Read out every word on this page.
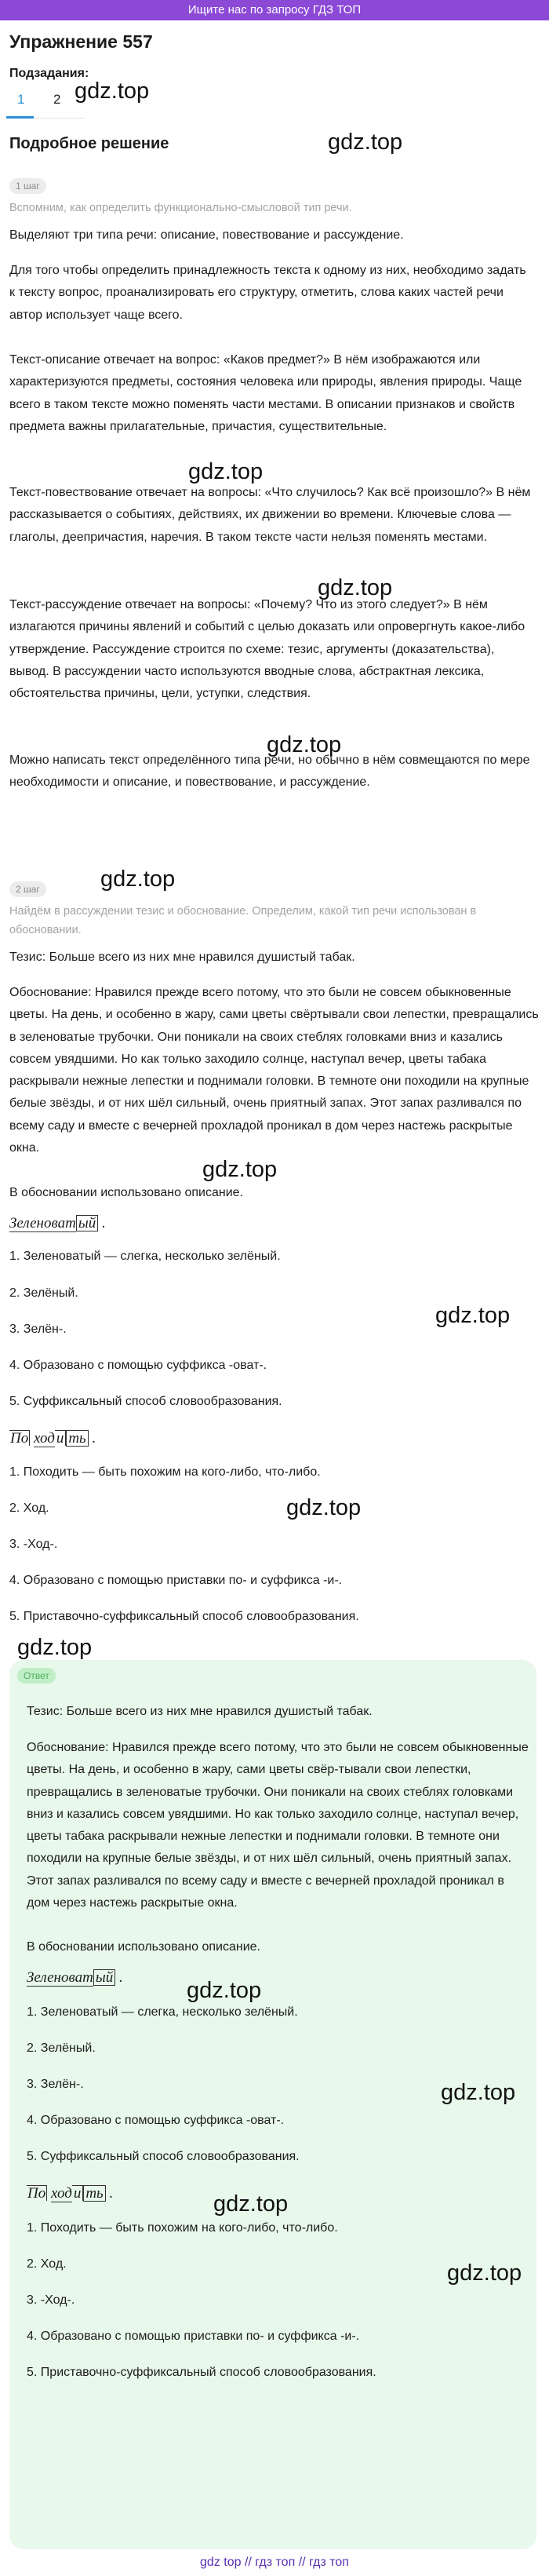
Ищите нас по запросу ГДЗ ТОП
Упражнение 557
Подзадания:
1 2
Подробное решение
1 шаг
Вспомним, как определить функционально-смысловой тип речи.
Выделяют три типа речи: описание, повествование и рассуждение.
Для того чтобы определить принадлежность текста к одному из них, необходимо задать к тексту вопрос, проанализировать его структуру, отметить, слова каких частей речи автор использует чаще всего.
Текст-описание отвечает на вопрос: «Каков предмет?» В нём изображаются или характеризуются предметы, состояния человека или природы, явления природы. Чаще всего в таком тексте можно поменять части местами. В описании признаков и свойств предмета важны прилагательные, причастия, существительные.
Текст-повествование отвечает на вопросы: «Что случилось? Как всё произошло?» В нём рассказывается о событиях, действиях, их движении во времени. Ключевые слова — глаголы, деепричастия, наречия. В таком тексте части нельзя поменять местами.
Текст-рассуждение отвечает на вопросы: «Почему? Что из этого следует?» В нём излагаются причины явлений и событий с целью доказать или опровергнуть какое-либо утверждение. Рассуждение строится по схеме: тезис, аргументы (доказательства), вывод. В рассуждении часто используются вводные слова, абстрактная лексика, обстоятельства причины, цели, уступки, следствия.
Можно написать текст определённого типа речи, но обычно в нём совмещаются по мере необходимости и описание, и повествование, и рассуждение.
2 шаг
Найдём в рассуждении тезис и обоснование. Определим, какой тип речи использован в обосновании.
Тезис: Больше всего из них мне нравился душистый табак.
Обоснование: Нравился прежде всего потому, что это были не совсем обыкновенные цветы. На день, и особенно в жару, сами цветы свёртывали свои лепестки, превращались в зеленоватые трубочки. Они поникали на своих стеблях головками вниз и казались совсем увядшими. Но как только заходило солнце, наступал вечер, цветы табака раскрывали нежные лепестки и поднимали головки. В темноте они походили на крупные белые звёзды, и от них шёл сильный, очень приятный запах. Этот запах разливался по всему саду и вместе с вечерней прохладой проникал в дом через настежь раскрытые окна.
В обосновании использовано описание.
Зеленоват ый .
1. Зеленоватый — слегка, несколько зелёный.
2. Зелёный.
3. Зелён-.
4. Образовано с помощью суффикса -оват-.
5. Суффиксальный способ словообразования.
По ход и ть .
1. Походить — быть похожим на кого-либо, что-либо.
2. Ход.
3. -Ход-.
4. Образовано с помощью приставки по- и суффикса -и-.
5. Приставочно-суффиксальный способ словообразования.
Ответ
Тезис: Больше всего из них мне нравился душистый табак.
Обоснование: Нравился прежде всего потому, что это были не совсем обыкновенные цветы. На день, и особенно в жару, сами цветы свёр-тывали свои лепестки, превращались в зеленоватые трубочки. Они поникали на своих стеблях головками вниз и казались совсем увядшими. Но как только заходило солнце, наступал вечер, цветы табака раскрывали нежные лепестки и поднимали головки. В темноте они походили на крупные белые звёзды, и от них шёл сильный, очень приятный запах. Этот запах разливался по всему саду и вместе с вечерней прохладой проникал в дом через настежь раскрытые окна.
В обосновании использовано описание.
Зеленоват ый .
1. Зеленоватый — слегка, несколько зелёный.
2. Зелёный.
3. Зелён-.
4. Образовано с помощью суффикса -оват-.
5. Суффиксальный способ словообразования.
По ход и ть .
1. Походить — быть похожим на кого-либо, что-либо.
2. Ход.
3. -Ход-.
4. Образовано с помощью приставки по- и суффикса -и-.
5. Приставочно-суффиксальный способ словообразования.
gdz.top
gdz.top
gdz.top
gdz.top
gdz.top
gdz.top
gdz.top
gdz.top
gdz.top
gdz.top
gdz.top
gdz.top
gdz.top
gdz.top
gdz top // гдз топ // гдз топ
